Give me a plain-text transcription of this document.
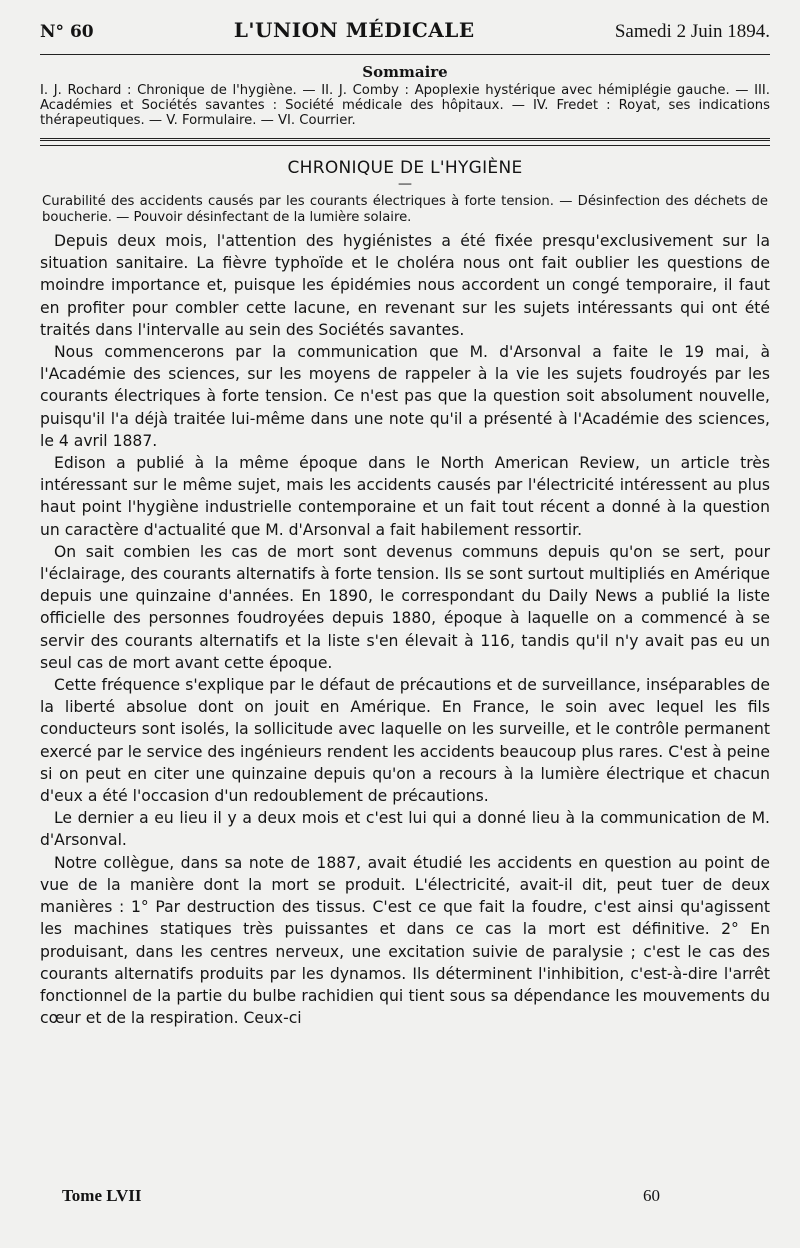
N° 60	L'UNION MÉDICALE	Samedi 2 Juin 1894.
Sommaire
I. J. Rochard : Chronique de l'hygiène. — II. J. Comby : Apoplexie hystérique avec hémiplégie gauche. — III. Académies et Sociétés savantes : Société médicale des hôpitaux. — IV. Fredet : Royat, ses indications thérapeutiques. — V. Formulaire. — VI. Courrier.
CHRONIQUE DE L'HYGIÈNE
—
Curabilité des accidents causés par les courants électriques à forte tension. — Désinfection des déchets de boucherie. — Pouvoir désinfectant de la lumière solaire.

Depuis deux mois, l'attention des hygiénistes a été fixée presqu'exclusivement sur la situation sanitaire. La fièvre typhoïde et le choléra nous ont fait oublier les questions de moindre importance et, puisque les épidémies nous accordent un congé temporaire, il faut en profiter pour combler cette lacune, en revenant sur les sujets intéressants qui ont été traités dans l'intervalle au sein des Sociétés savantes.

Nous commencerons par la communication que M. d'Arsonval a faite le 19 mai, à l'Académie des sciences, sur les moyens de rappeler à la vie les sujets foudroyés par les courants électriques à forte tension. Ce n'est pas que la question soit absolument nouvelle, puisqu'il l'a déjà traitée lui-même dans une note qu'il a présenté à l'Académie des sciences, le 4 avril 1887.

Edison a publié à la même époque dans le North American Review, un article très intéressant sur le même sujet, mais les accidents causés par l'électricité intéressent au plus haut point l'hygiène industrielle contemporaine et un fait tout récent a donné à la question un caractère d'actualité que M. d'Arsonval a fait habilement ressortir.

On sait combien les cas de mort sont devenus communs depuis qu'on se sert, pour l'éclairage, des courants alternatifs à forte tension. Ils se sont surtout multipliés en Amérique depuis une quinzaine d'années. En 1890, le correspondant du Daily News a publié la liste officielle des personnes foudroyées depuis 1880, époque à laquelle on a commencé à se servir des courants alternatifs et la liste s'en élevait à 116, tandis qu'il n'y avait pas eu un seul cas de mort avant cette époque.

Cette fréquence s'explique par le défaut de précautions et de surveillance, inséparables de la liberté absolue dont on jouit en Amérique. En France, le soin avec lequel les fils conducteurs sont isolés, la sollicitude avec laquelle on les surveille, et le contrôle permanent exercé par le service des ingénieurs rendent les accidents beaucoup plus rares. C'est à peine si on peut en citer une quinzaine depuis qu'on a recours à la lumière électrique et chacun d'eux a été l'occasion d'un redoublement de précautions.

Le dernier a eu lieu il y a deux mois et c'est lui qui a donné lieu à la communication de M. d'Arsonval.

Notre collègue, dans sa note de 1887, avait étudié les accidents en question au point de vue de la manière dont la mort se produit. L'électricité, avait-il dit, peut tuer de deux manières : 1° Par destruction des tissus. C'est ce que fait la foudre, c'est ainsi qu'agissent les machines statiques très puissantes et dans ce cas la mort est définitive. 2° En produisant, dans les centres nerveux, une excitation suivie de paralysie ; c'est le cas des courants alternatifs produits par les dynamos. Ils déterminent l'inhibition, c'est-à-dire l'arrêt fonctionnel de la partie du bulbe rachidien qui tient sous sa dépendance les mouvements du cœur et de la respiration. Ceux-ci

Tome LVII	60
